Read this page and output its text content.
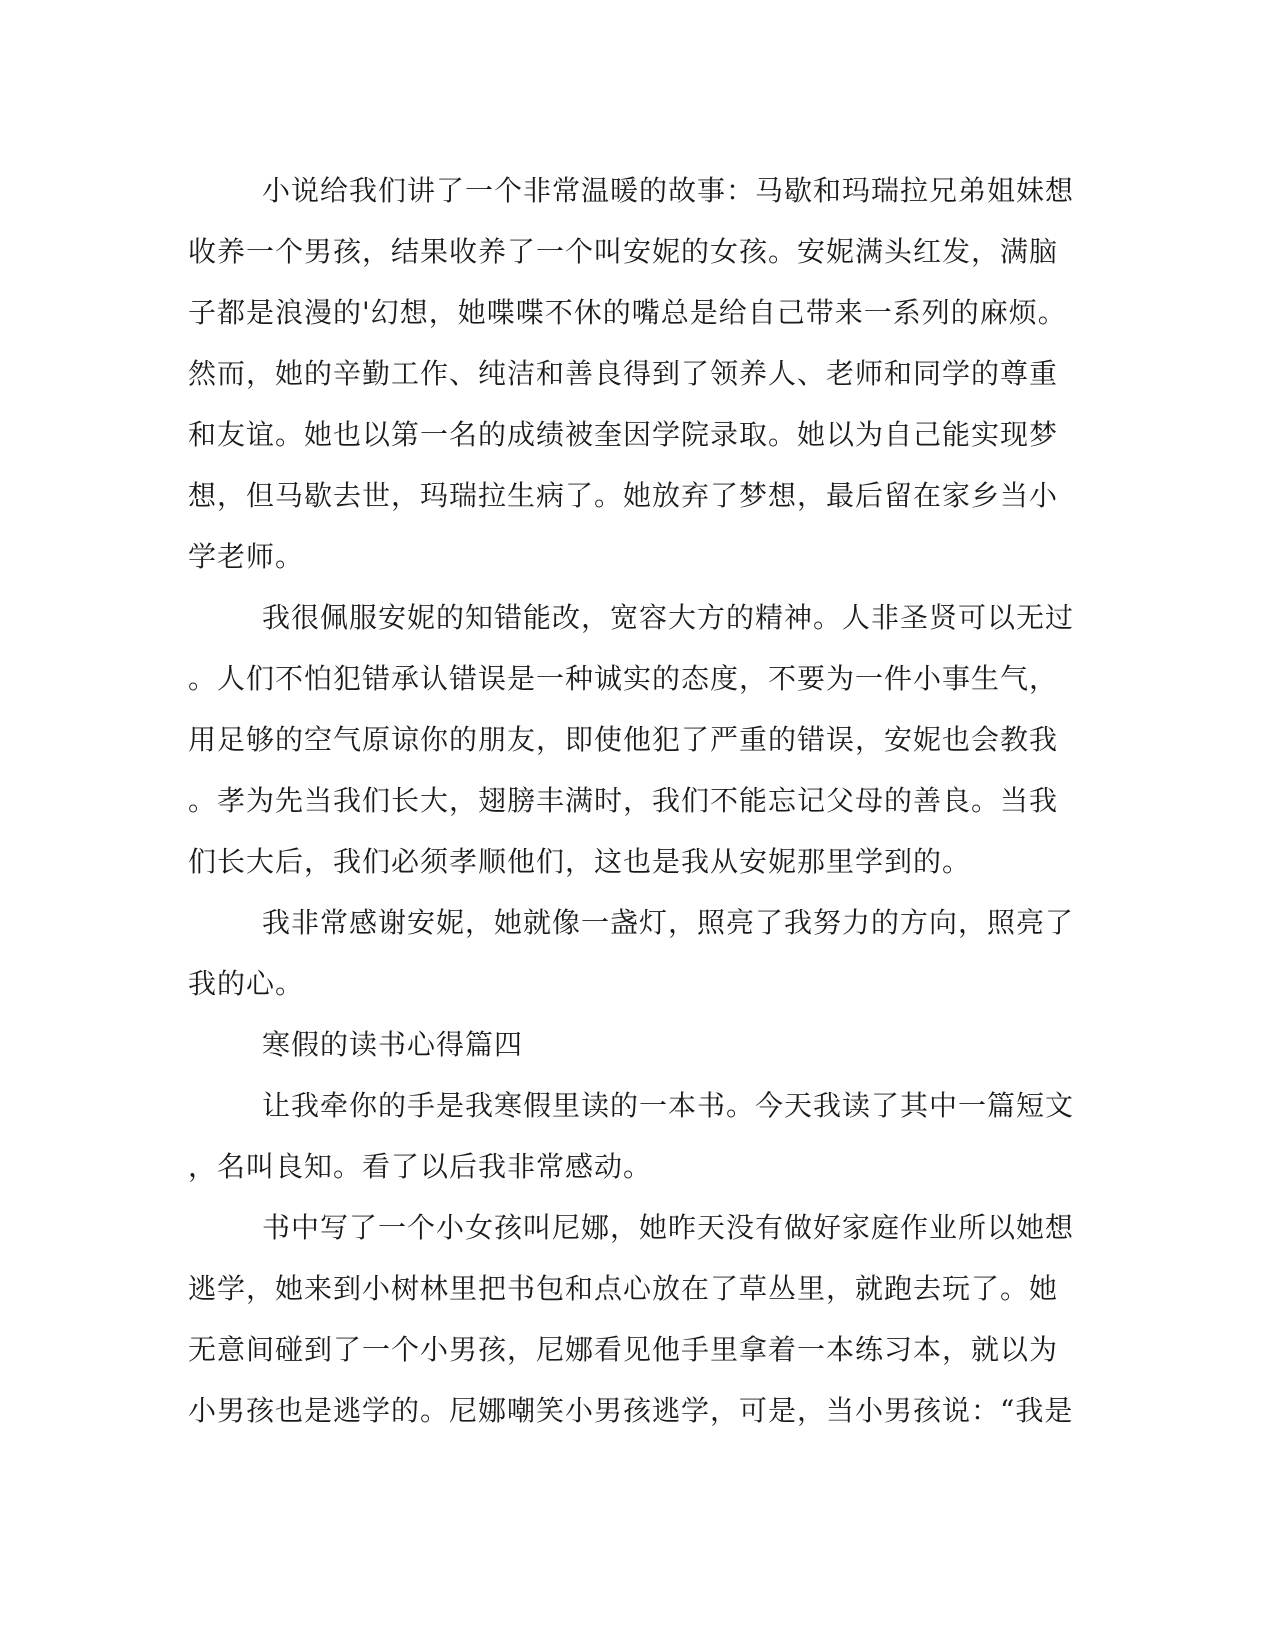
小说给我们讲了一个非常温暖的故事：马歇和玛瑞拉兄弟姐妹想
收养一个男孩，结果收养了一个叫安妮的女孩。安妮满头红发，满脑
子都是浪漫的'幻想，她喋喋不休的嘴总是给自己带来一系列的麻烦。
然而，她的辛勤工作、纯洁和善良得到了领养人、老师和同学的尊重
和友谊。她也以第一名的成绩被奎因学院录取。她以为自己能实现梦
想，但马歇去世，玛瑞拉生病了。她放弃了梦想，最后留在家乡当小
学老师。
我很佩服安妮的知错能改，宽容大方的精神。人非圣贤可以无过
。人们不怕犯错承认错误是一种诚实的态度，不要为一件小事生气，
用足够的空气原谅你的朋友，即使他犯了严重的错误，安妮也会教我
。孝为先当我们长大，翅膀丰满时，我们不能忘记父母的善良。当我
们长大后，我们必须孝顺他们，这也是我从安妮那里学到的。
我非常感谢安妮，她就像一盏灯，照亮了我努力的方向，照亮了
我的心。
寒假的读书心得篇四
让我牵你的手是我寒假里读的一本书。今天我读了其中一篇短文
，名叫良知。看了以后我非常感动。
书中写了一个小女孩叫尼娜，她昨天没有做好家庭作业所以她想
逃学，她来到小树林里把书包和点心放在了草丛里，就跑去玩了。她
无意间碰到了一个小男孩，尼娜看见他手里拿着一本练习本，就以为
小男孩也是逃学的。尼娜嘲笑小男孩逃学，可是，当小男孩说：“我是
